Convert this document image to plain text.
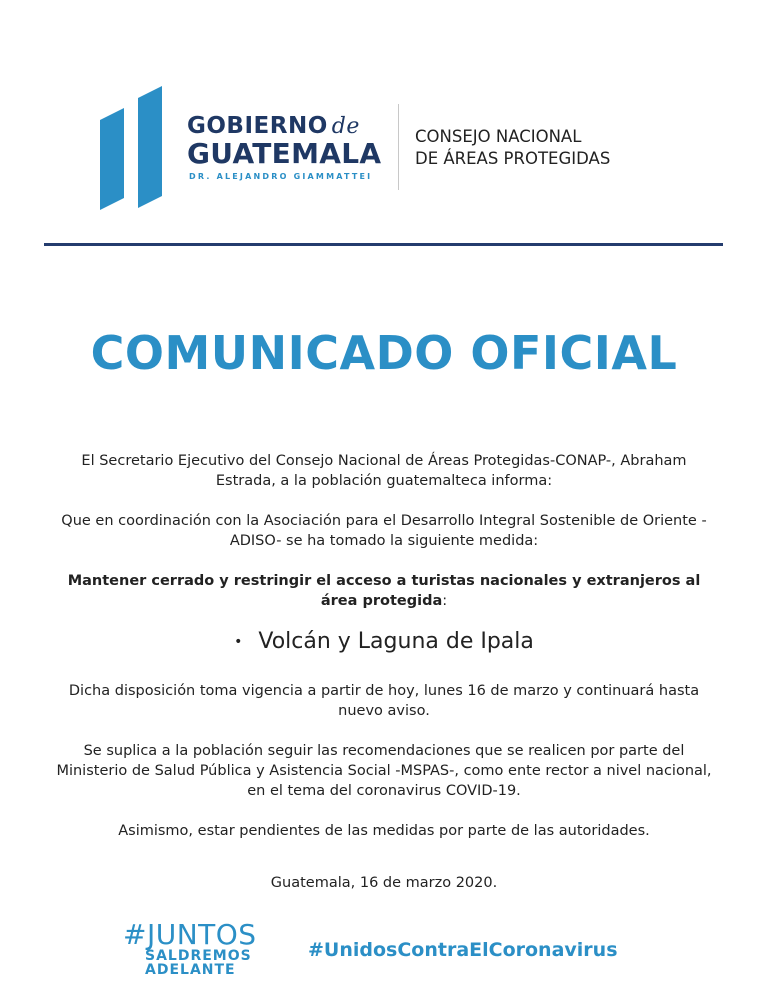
GOBIERNO de
GUATEMALA
DR. ALEJANDRO GIAMMATTEI
CONSEJO NACIONAL
DE ÁREAS PROTEGIDAS
COMUNICADO OFICIAL

El Secretario Ejecutivo del Consejo Nacional de Áreas Protegidas-CONAP-, Abraham Estrada, a la población guatemalteca informa:

Que en coordinación con la Asociación para el Desarrollo Integral Sostenible de Oriente -ADISO- se ha tomado la siguiente medida:

Mantener cerrado y restringir el acceso a turistas nacionales y extranjeros al área protegida:

• Volcán y Laguna de Ipala

Dicha disposición toma vigencia a partir de hoy, lunes 16 de marzo y continuará hasta nuevo aviso.

Se suplica a la población seguir las recomendaciones que se realicen por parte del Ministerio de Salud Pública y Asistencia Social -MSPAS-, como ente rector a nivel nacional, en el tema del coronavirus COVID-19.

Asimismo, estar pendientes de las medidas por parte de las autoridades.

Guatemala, 16 de marzo 2020.

#JUNTOS
SALDREMOS
ADELANTE
#UnidosContraElCoronavirus
